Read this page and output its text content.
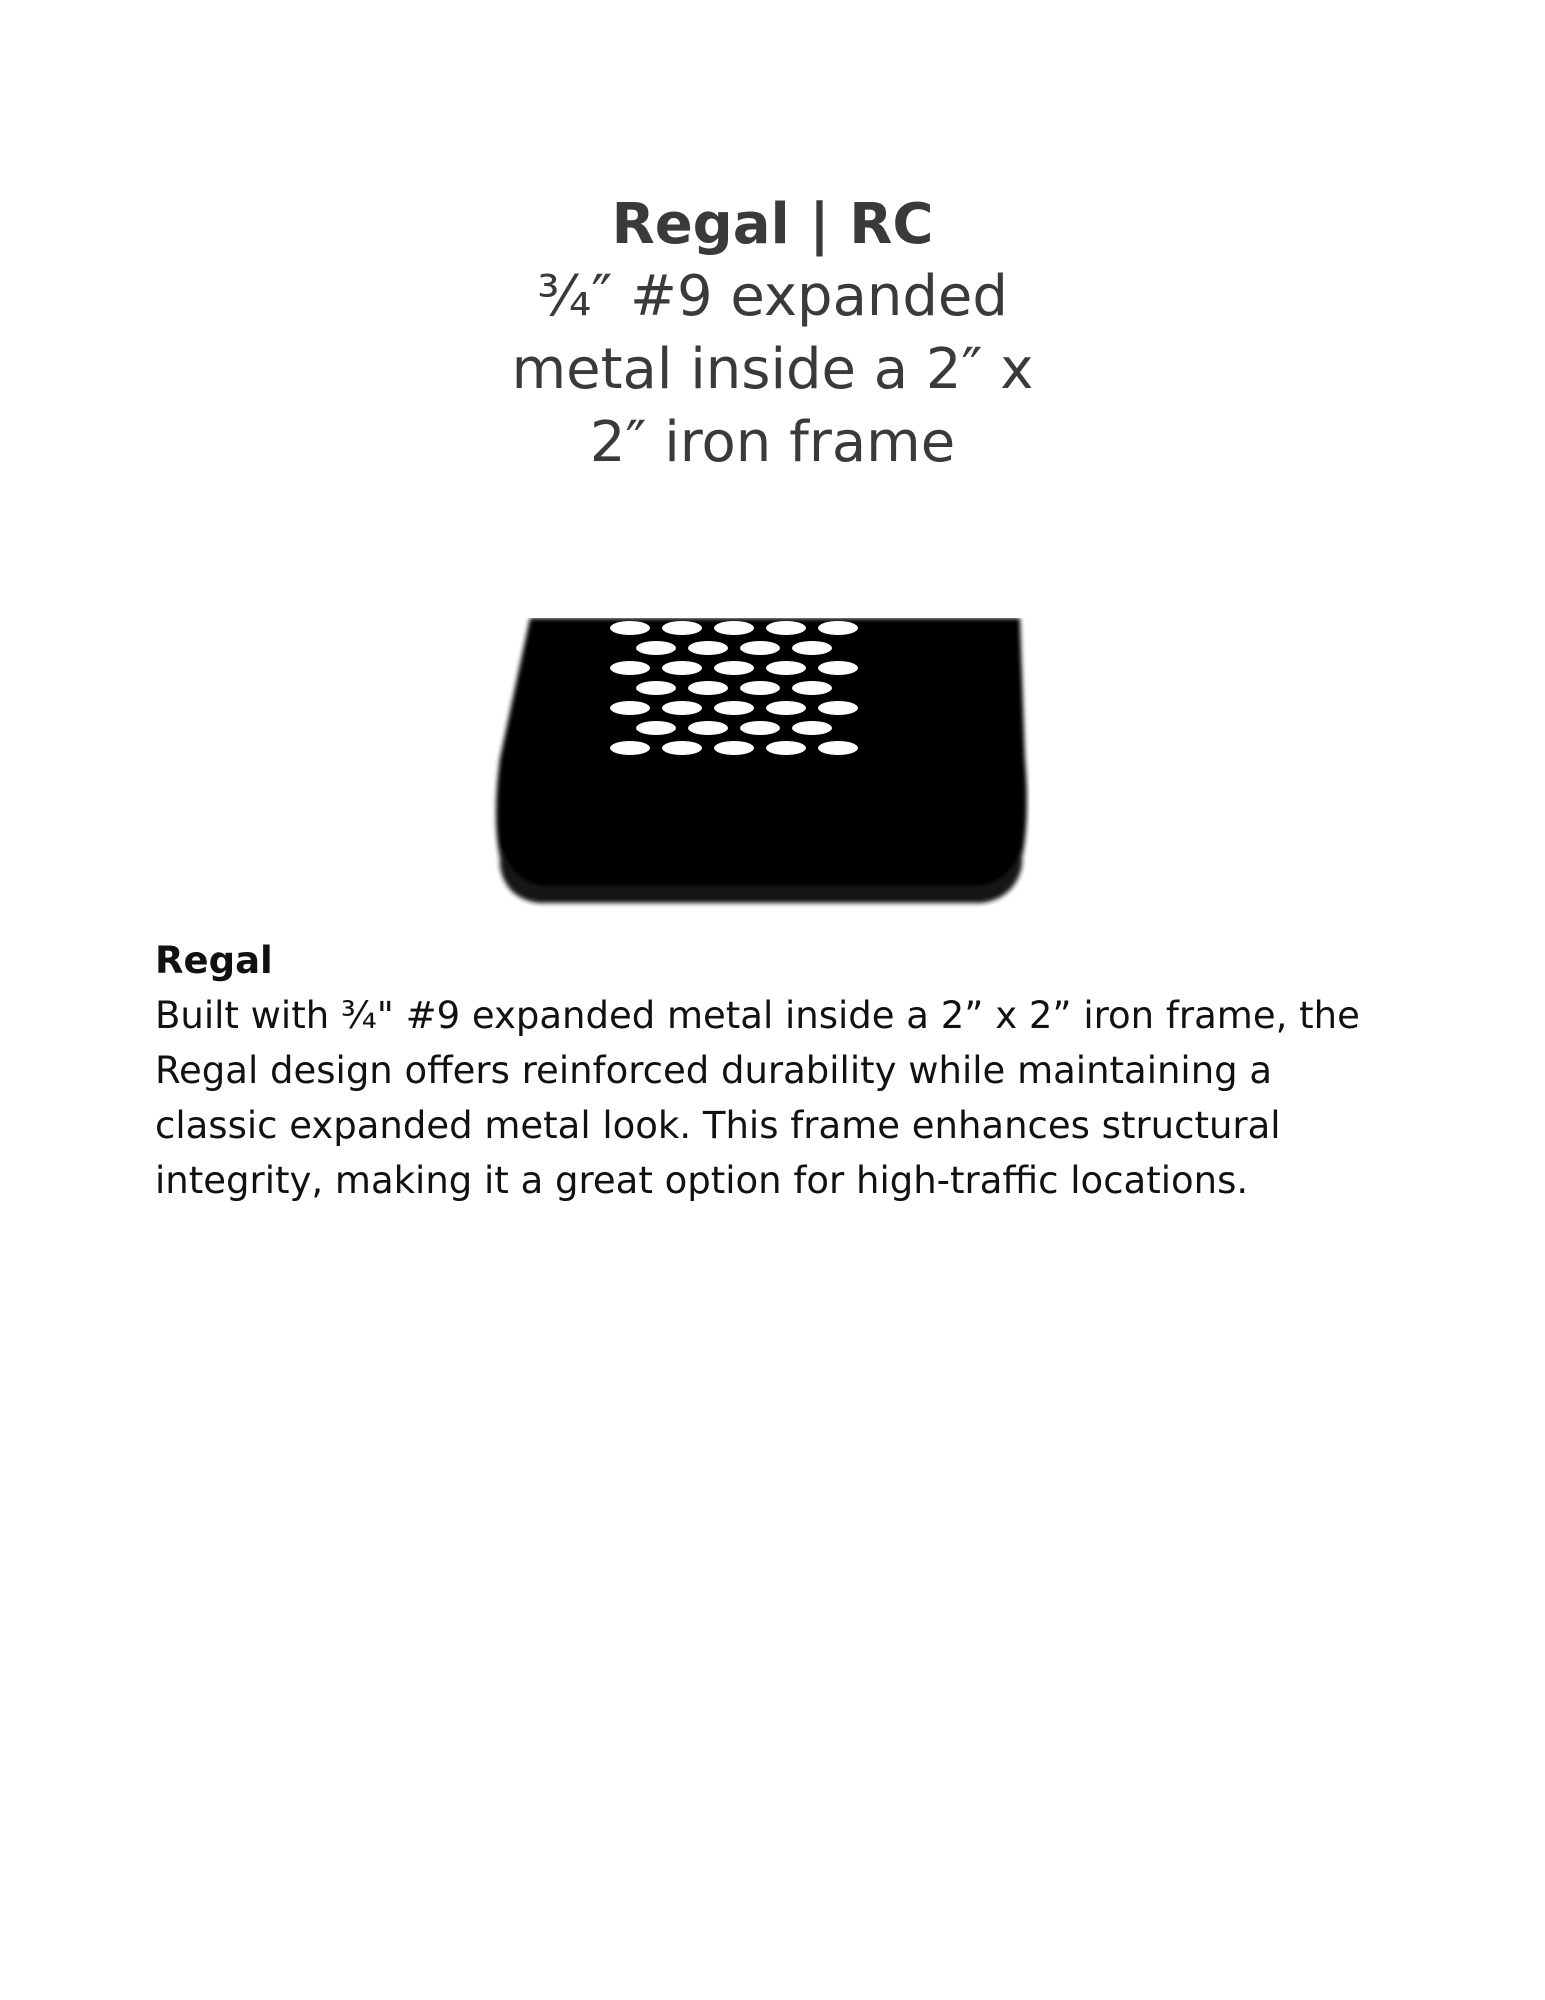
Regal | RC

¾″ #9 expanded

metal inside a 2″ x

2″ iron frame

Regal

Built with ¾" #9 expanded metal inside a 2” x 2” iron frame, the

Regal design offers reinforced durability while maintaining a

classic expanded metal look. This frame enhances structural

integrity, making it a great option for high-traffic locations.
